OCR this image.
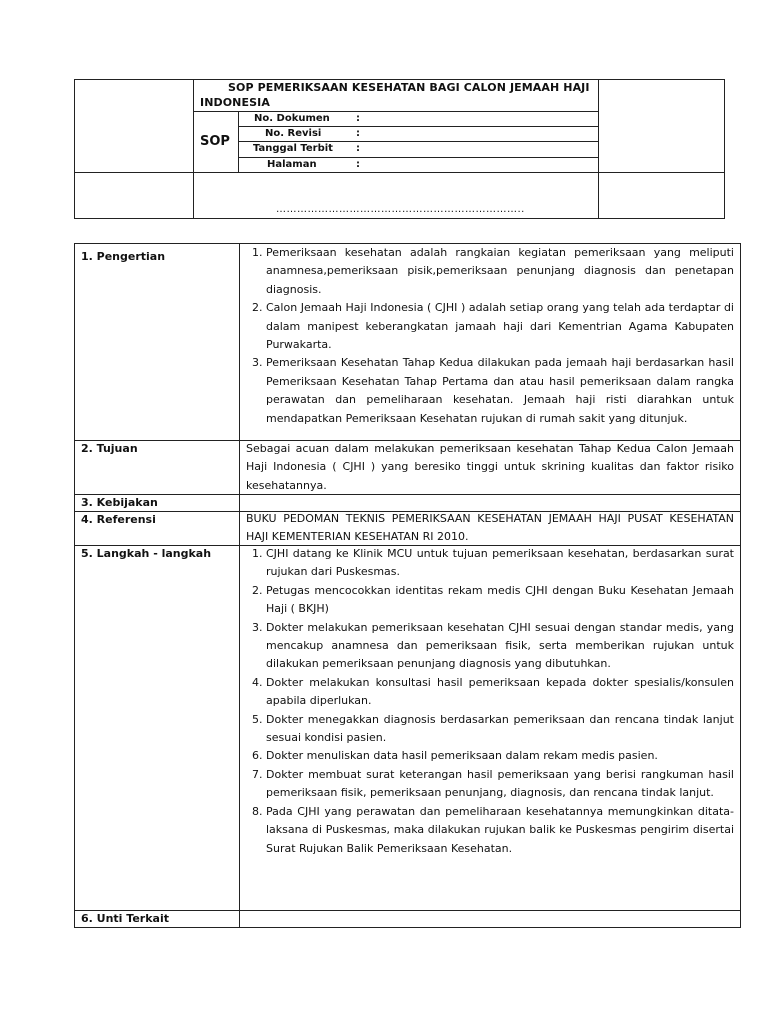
SOP PEMERIKSAAN KESEHATAN BAGI CALON JEMAAH HAJI INDONESIA
SOP
No. Dokumen	:
No. Revisi	:
Tanggal Terbit :
Halaman	:
……………………………………………………………..
1. Pengertian	1. Pemeriksaan kesehatan adalah rangkaian kegiatan pemeriksaan yang meliputi anamnesa,pemeriksaan pisik,pemeriksaan penunjang diagnosis dan penetapan diagnosis.
2. Calon Jemaah Haji Indonesia ( CJHI ) adalah setiap orang yang telah ada terdaptar di dalam manipest keberangkatan jamaah haji dari Kementrian Agama Kabupaten Purwakarta.
3. Pemeriksaan Kesehatan Tahap Kedua dilakukan pada jemaah haji berdasarkan hasil Pemeriksaan Kesehatan Tahap Pertama dan atau hasil pemeriksaan dalam rangka perawatan dan pemeliharaan kesehatan. Jemaah haji risti diarahkan untuk mendapatkan Pemeriksaan Kesehatan rujukan di rumah sakit yang ditunjuk.
2. Tujuan	Sebagai acuan dalam melakukan pemeriksaan kesehatan Tahap Kedua Calon Jemaah Haji Indonesia ( CJHI ) yang beresiko tinggi untuk skrining kualitas dan faktor risiko kesehatannya.

3. Kebijakan
4. Referensi	BUKU PEDOMAN TEKNIS PEMERIKSAAN KESEHATAN JEMAAH HAJI PUSAT KESEHATAN HAJI KEMENTERIAN KESEHATAN RI 2010.

5. Langkah - langkah	1. CJHI datang ke Klinik MCU untuk tujuan pemeriksaan kesehatan, berdasarkan surat rujukan dari Puskesmas.
2. Petugas mencocokkan identitas rekam medis CJHI dengan Buku Kesehatan Jemaah Haji ( BKJH)
3. Dokter melakukan pemeriksaan kesehatan CJHI sesuai dengan standar medis, yang mencakup anamnesa dan pemeriksaan fisik, serta memberikan rujukan untuk dilakukan pemeriksaan penunjang diagnosis yang dibutuhkan.
4. Dokter melakukan konsultasi hasil pemeriksaan kepada dokter spesialis/konsulen apabila diperlukan.
5. Dokter menegakkan diagnosis berdasarkan pemeriksaan dan rencana tindak lanjut sesuai kondisi pasien.
6. Dokter menuliskan data hasil pemeriksaan dalam rekam medis pasien.
7. Dokter membuat surat keterangan hasil pemeriksaan yang berisi rangkuman hasil pemeriksaan fisik, pemeriksaan penunjang, diagnosis, dan rencana tindak lanjut.
8. Pada CJHI yang perawatan dan pemeliharaan kesehatannya memungkinkan ditata-laksana di Puskesmas, maka dilakukan rujukan balik ke Puskesmas pengirim disertai Surat Rujukan Balik Pemeriksaan Kesehatan.
6. Unti Terkait
